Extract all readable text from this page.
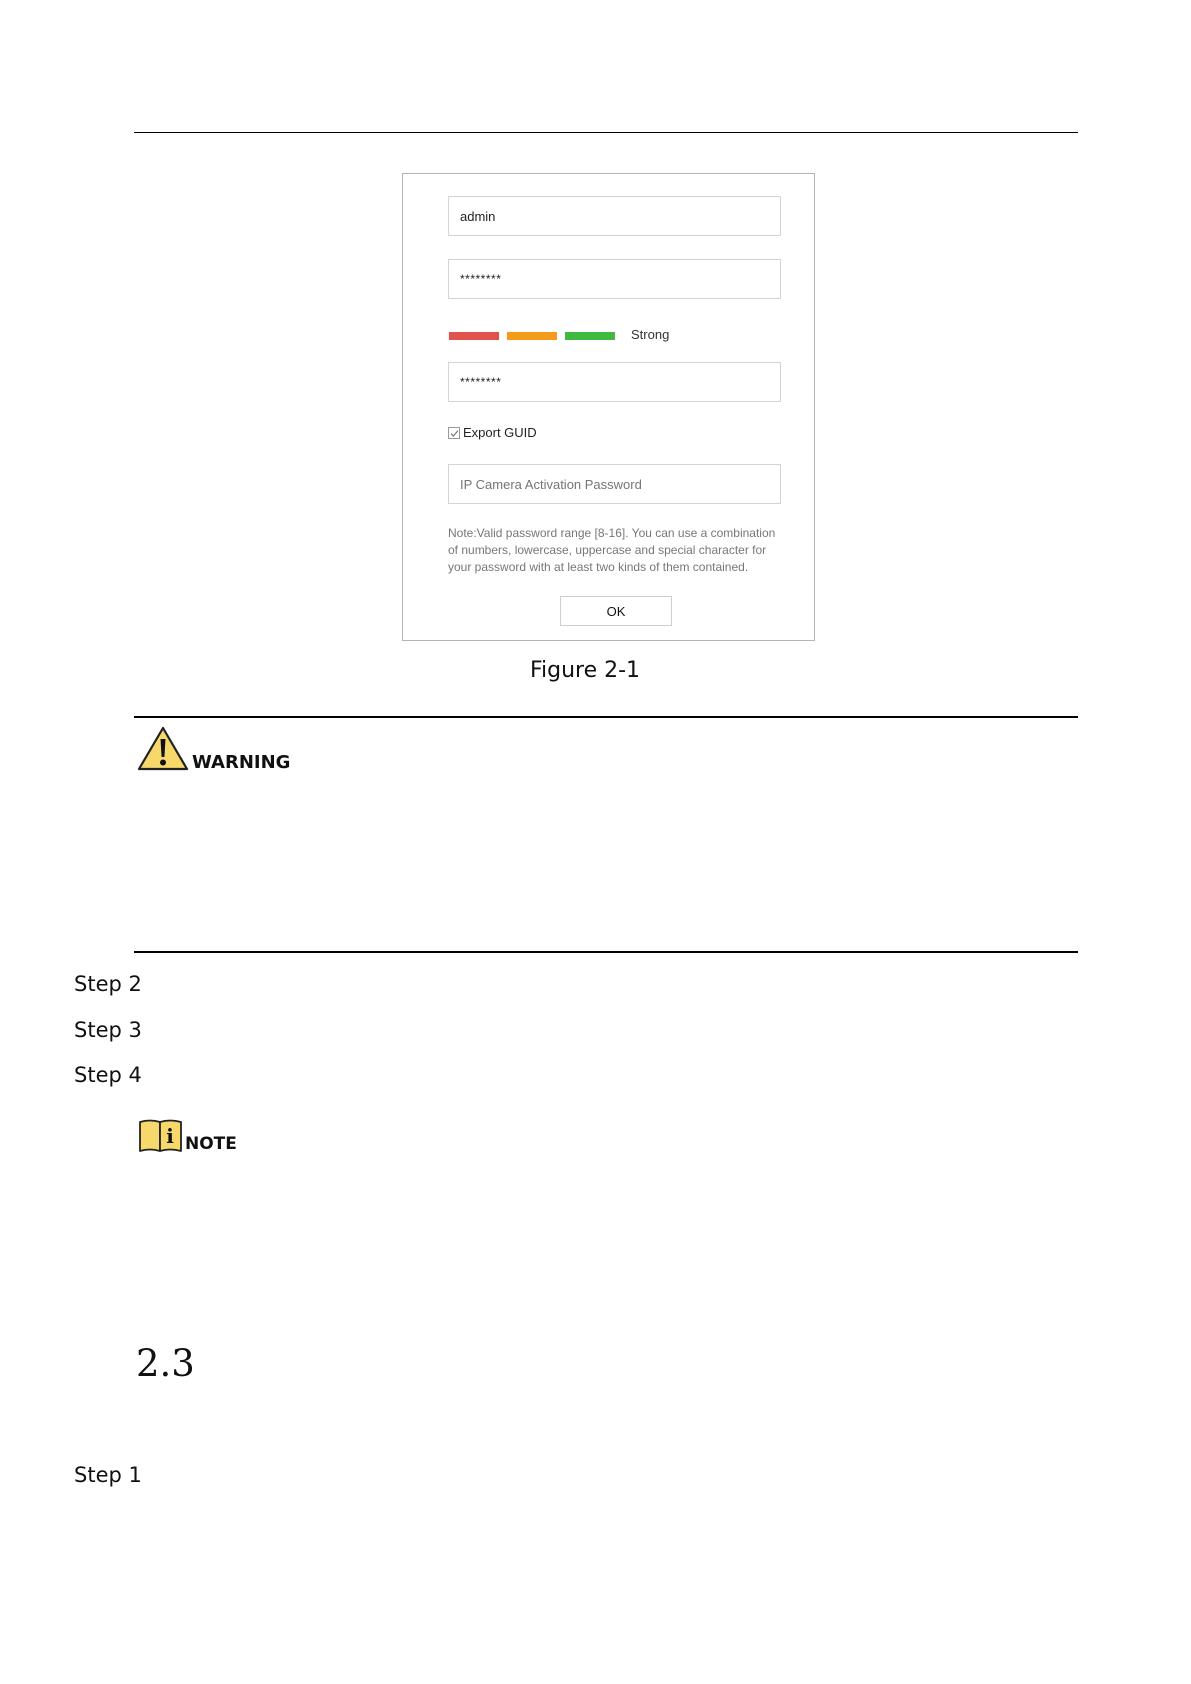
admin
********
Strong
********
Export GUID
IP Camera Activation Password
Note:Valid password range [8-16]. You can use a combination of numbers, lowercase, uppercase and special character for your password with at least two kinds of them contained.
OK
Figure 2-1
WARNING
Step 2
Step 3
Step 4
i NOTE
2.3
Step 1
